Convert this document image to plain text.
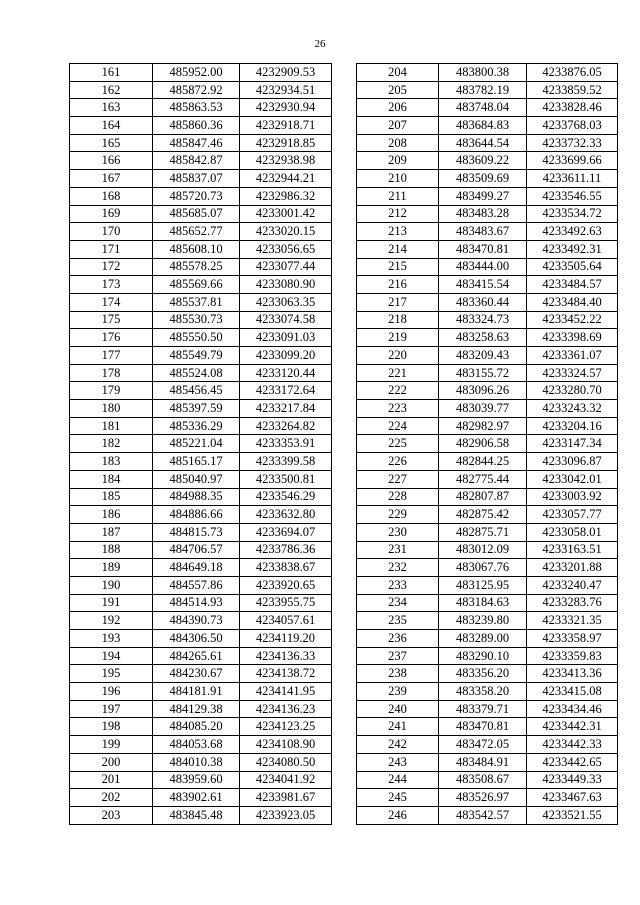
26
161	485952.00	4232909.53
162	485872.92	4232934.51
163	485863.53	4232930.94
164	485860.36	4232918.71
165	485847.46	4232918.85
166	485842.87	4232938.98
167	485837.07	4232944.21
168	485720.73	4232986.32
169	485685.07	4233001.42
170	485652.77	4233020.15
171	485608.10	4233056.65
172	485578.25	4233077.44
173	485569.66	4233080.90
174	485537.81	4233063.35
175	485530.73	4233074.58
176	485550.50	4233091.03
177	485549.79	4233099.20
178	485524.08	4233120.44
179	485456.45	4233172.64
180	485397.59	4233217.84
181	485336.29	4233264.82
182	485221.04	4233353.91
183	485165.17	4233399.58
184	485040.97	4233500.81
185	484988.35	4233546.29
186	484886.66	4233632.80
187	484815.73	4233694.07
188	484706.57	4233786.36
189	484649.18	4233838.67
190	484557.86	4233920.65
191	484514.93	4233955.75
192	484390.73	4234057.61
193	484306.50	4234119.20
194	484265.61	4234136.33
195	484230.67	4234138.72
196	484181.91	4234141.95
197	484129.38	4234136.23
198	484085.20	4234123.25
199	484053.68	4234108.90
200	484010.38	4234080.50
201	483959.60	4234041.92
202	483902.61	4233981.67
203	483845.48	4233923.05
204	483800.38	4233876.05
205	483782.19	4233859.52
206	483748.04	4233828.46
207	483684.83	4233768.03
208	483644.54	4233732.33
209	483609.22	4233699.66
210	483509.69	4233611.11
211	483499.27	4233546.55
212	483483.28	4233534.72
213	483483.67	4233492.63
214	483470.81	4233492.31
215	483444.00	4233505.64
216	483415.54	4233484.57
217	483360.44	4233484.40
218	483324.73	4233452.22
219	483258.63	4233398.69
220	483209.43	4233361.07
221	483155.72	4233324.57
222	483096.26	4233280.70
223	483039.77	4233243.32
224	482982.97	4233204.16
225	482906.58	4233147.34
226	482844.25	4233096.87
227	482775.44	4233042.01
228	482807.87	4233003.92
229	482875.42	4233057.77
230	482875.71	4233058.01
231	483012.09	4233163.51
232	483067.76	4233201.88
233	483125.95	4233240.47
234	483184.63	4233283.76
235	483239.80	4233321.35
236	483289.00	4233358.97
237	483290.10	4233359.83
238	483356.20	4233413.36
239	483358.20	4233415.08
240	483379.71	4233434.46
241	483470.81	4233442.31
242	483472.05	4233442.33
243	483484.91	4233442.65
244	483508.67	4233449.33
245	483526.97	4233467.63
246	483542.57	4233521.55
